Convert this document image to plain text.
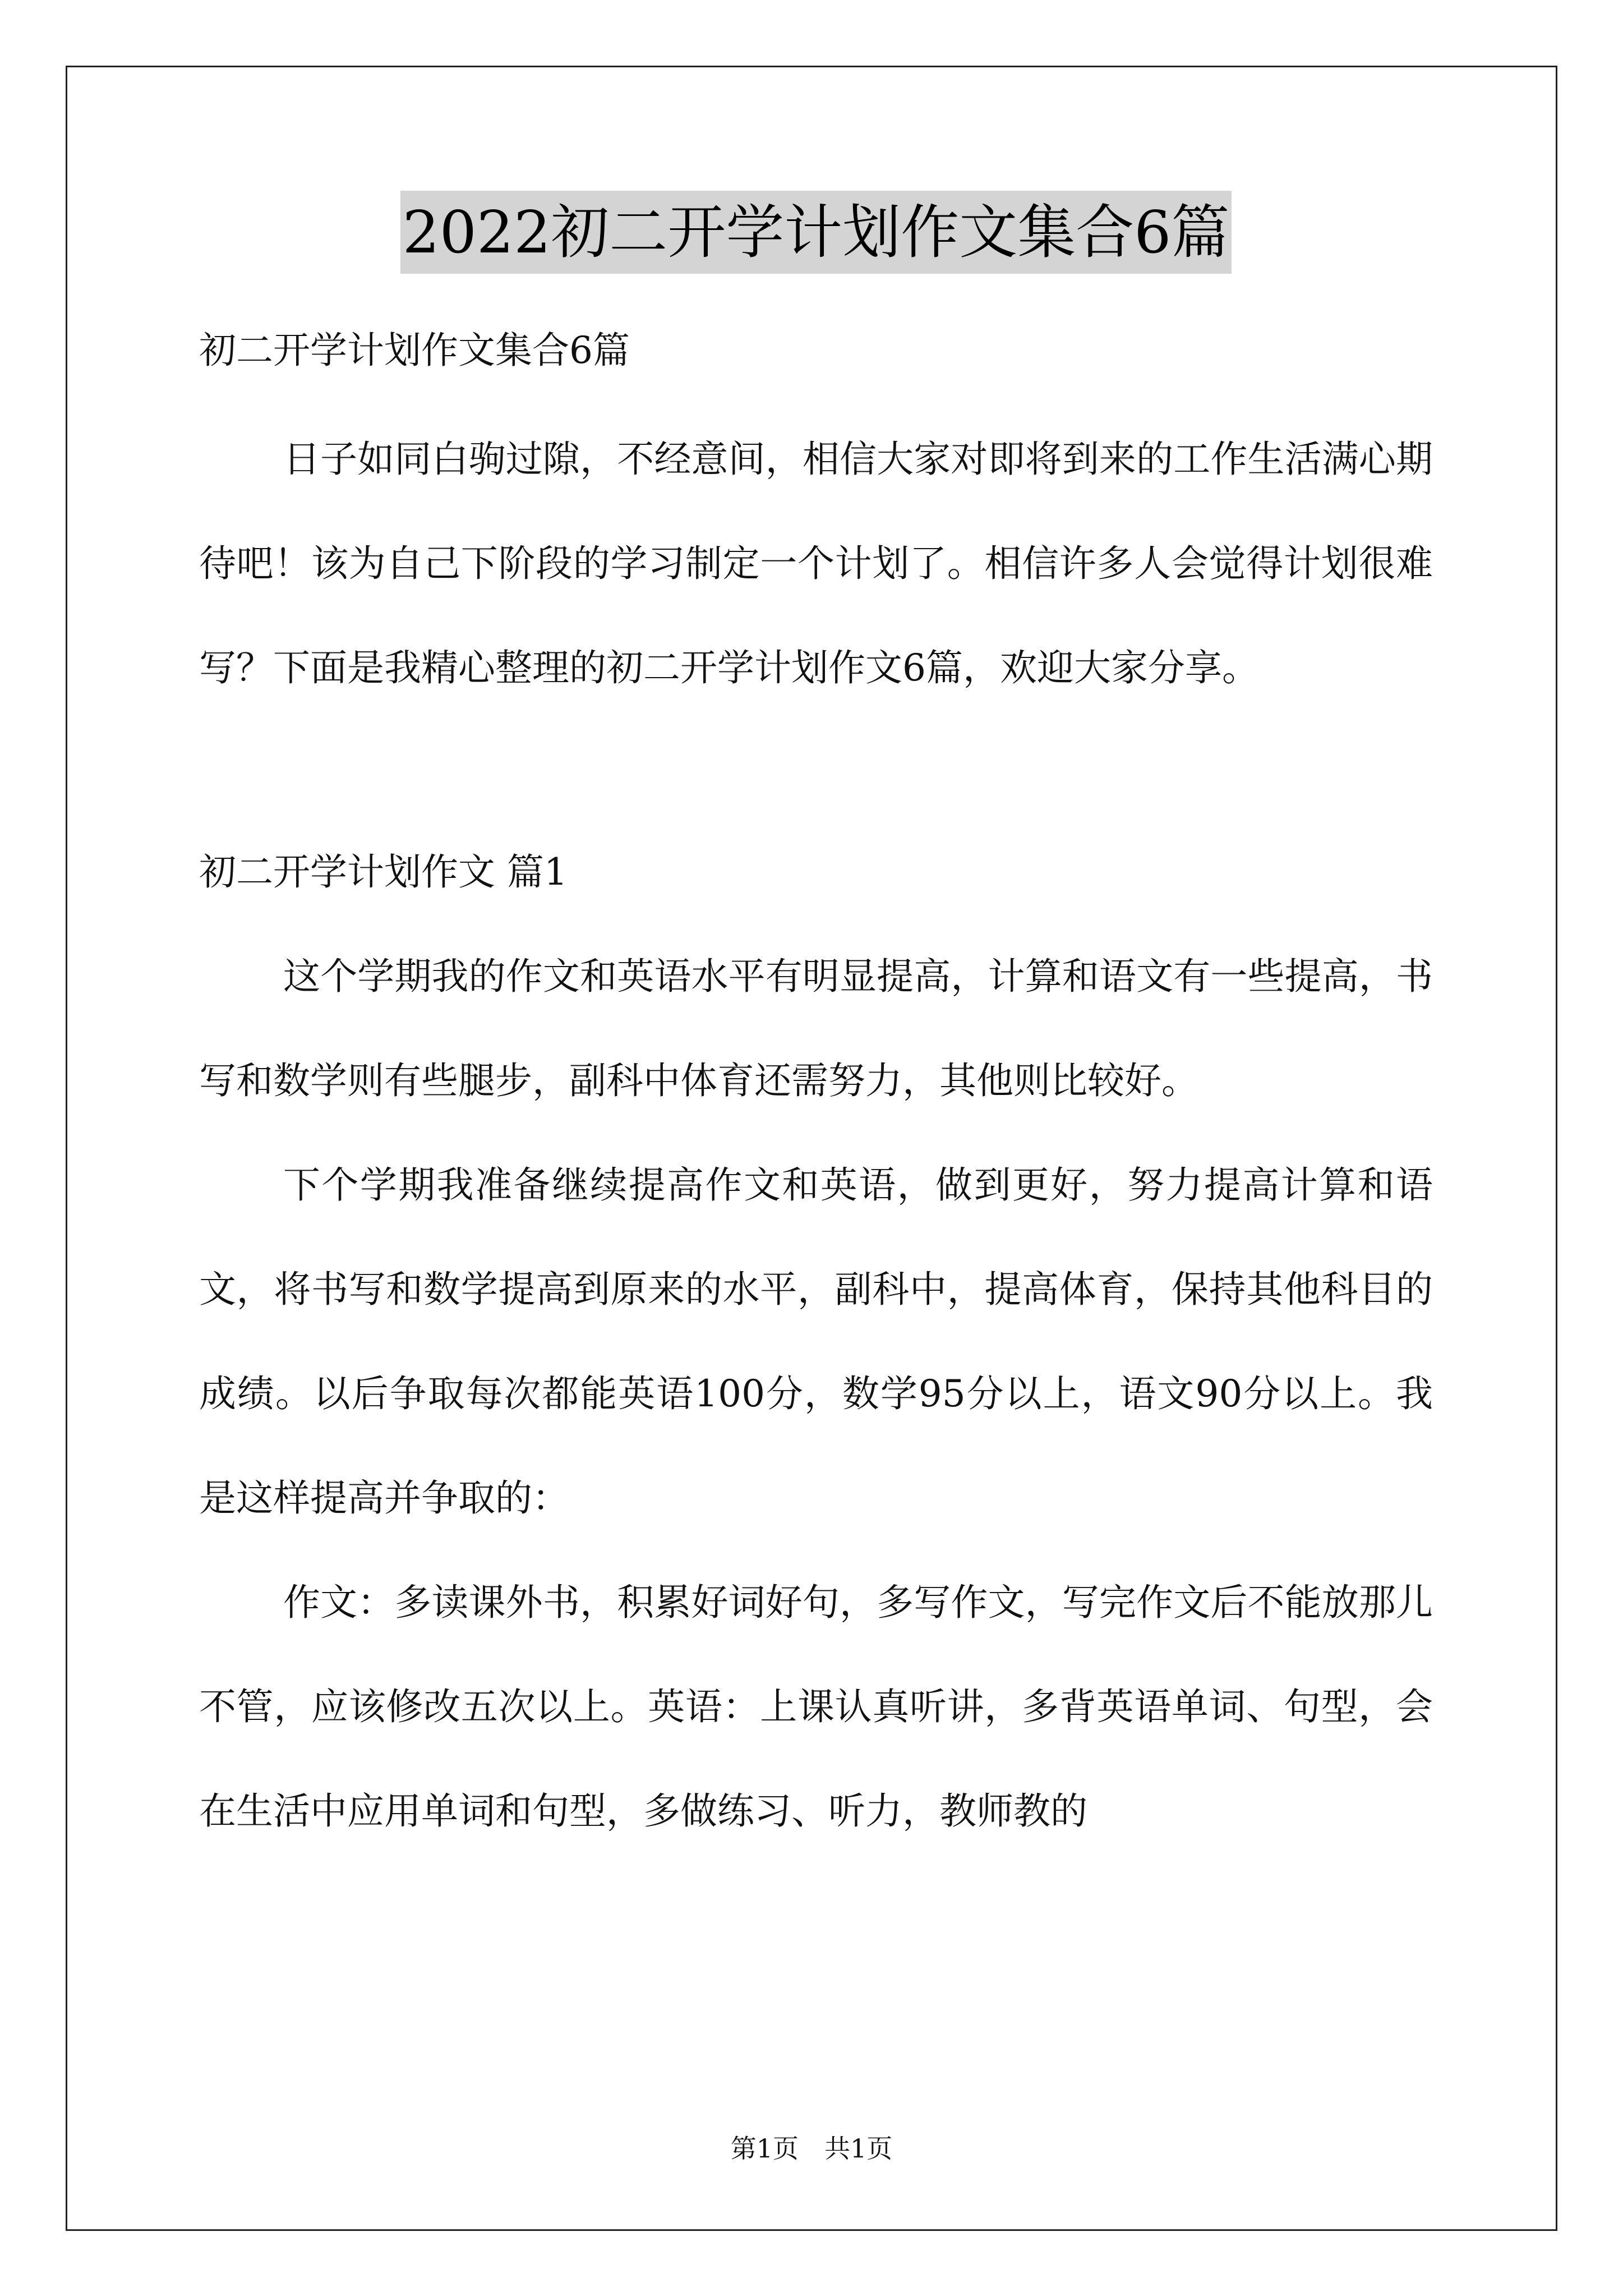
2022初二开学计划作文集合6篇
初二开学计划作文集合6篇

日子如同白驹过隙，不经意间，相信大家对即将到来的工作生活满心期待吧！该为自己下阶段的学习制定一个计划了。相信许多人会觉得计划很难写？下面是我精心整理的初二开学计划作文6篇，欢迎大家分享。

初二开学计划作文 篇1

这个学期我的作文和英语水平有明显提高，计算和语文有一些提高，书写和数学则有些腿步，副科中体育还需努力，其他则比较好。

下个学期我准备继续提高作文和英语，做到更好，努力提高计算和语文，将书写和数学提高到原来的水平，副科中，提高体育，保持其他科目的成绩。以后争取每次都能英语100分，数学95分以上，语文90分以上。我是这样提高并争取的：

作文：多读课外书，积累好词好句，多写作文，写完作文后不能放那儿不管，应该修改五次以上。英语：上课认真听讲，多背英语单词、句型，会在生活中应用单词和句型，多做练习、听力，教师教的

第1页　共1页
